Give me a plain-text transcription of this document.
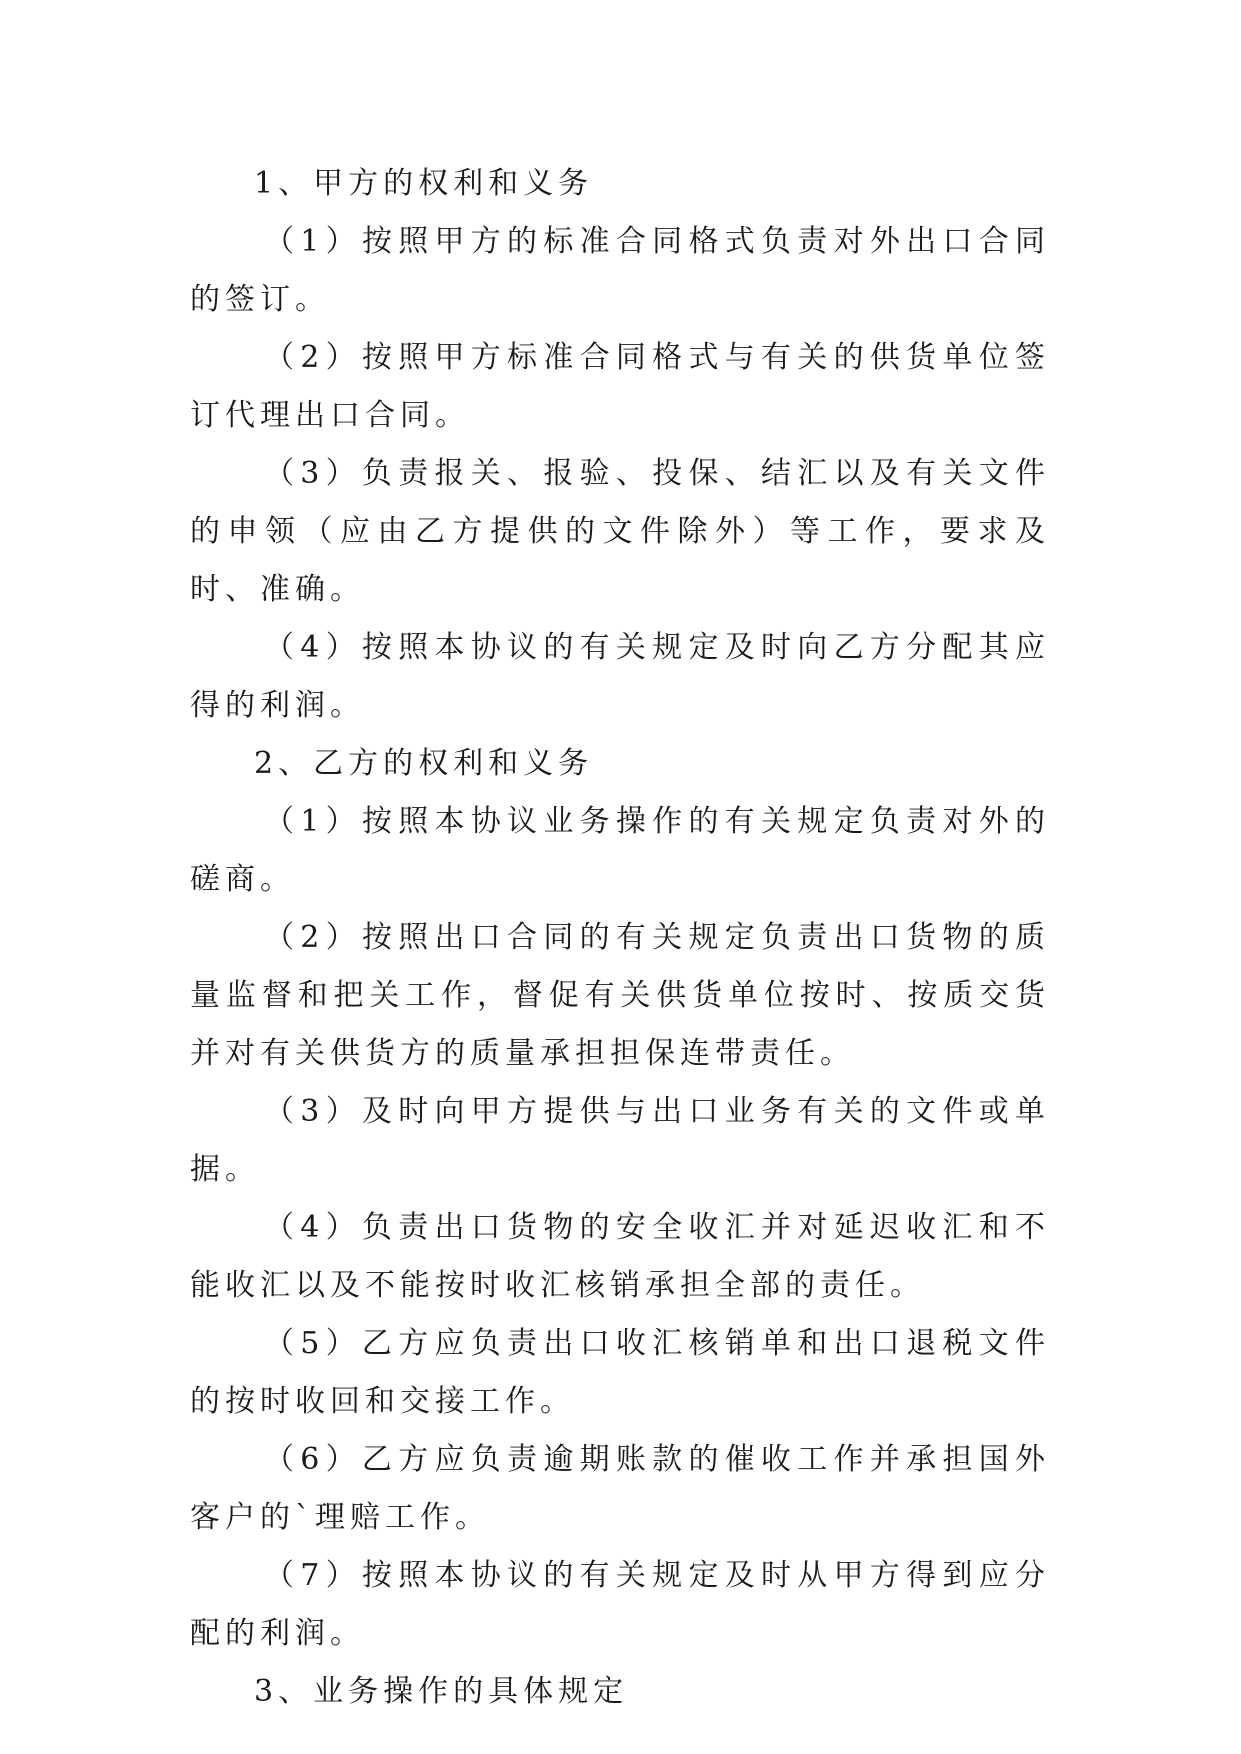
1、甲方的权利和义务

（1）按照甲方的标准合同格式负责对外出口合同的签订。

（2）按照甲方标准合同格式与有关的供货单位签订代理出口合同。

（3）负责报关、报验、投保、结汇以及有关文件的申领（应由乙方提供的文件除外）等工作，要求及时、准确。

（4）按照本协议的有关规定及时向乙方分配其应得的利润。

2、乙方的权利和义务

（1）按照本协议业务操作的有关规定负责对外的磋商。

（2）按照出口合同的有关规定负责出口货物的质量监督和把关工作，督促有关供货单位按时、按质交货并对有关供货方的质量承担担保连带责任。

（3）及时向甲方提供与出口业务有关的文件或单据。

（4）负责出口货物的安全收汇并对延迟收汇和不能收汇以及不能按时收汇核销承担全部的责任。

（5）乙方应负责出口收汇核销单和出口退税文件的按时收回和交接工作。

（6）乙方应负责逾期账款的催收工作并承担国外客户的`理赔工作。

（7）按照本协议的有关规定及时从甲方得到应分配的利润。

3、业务操作的具体规定
